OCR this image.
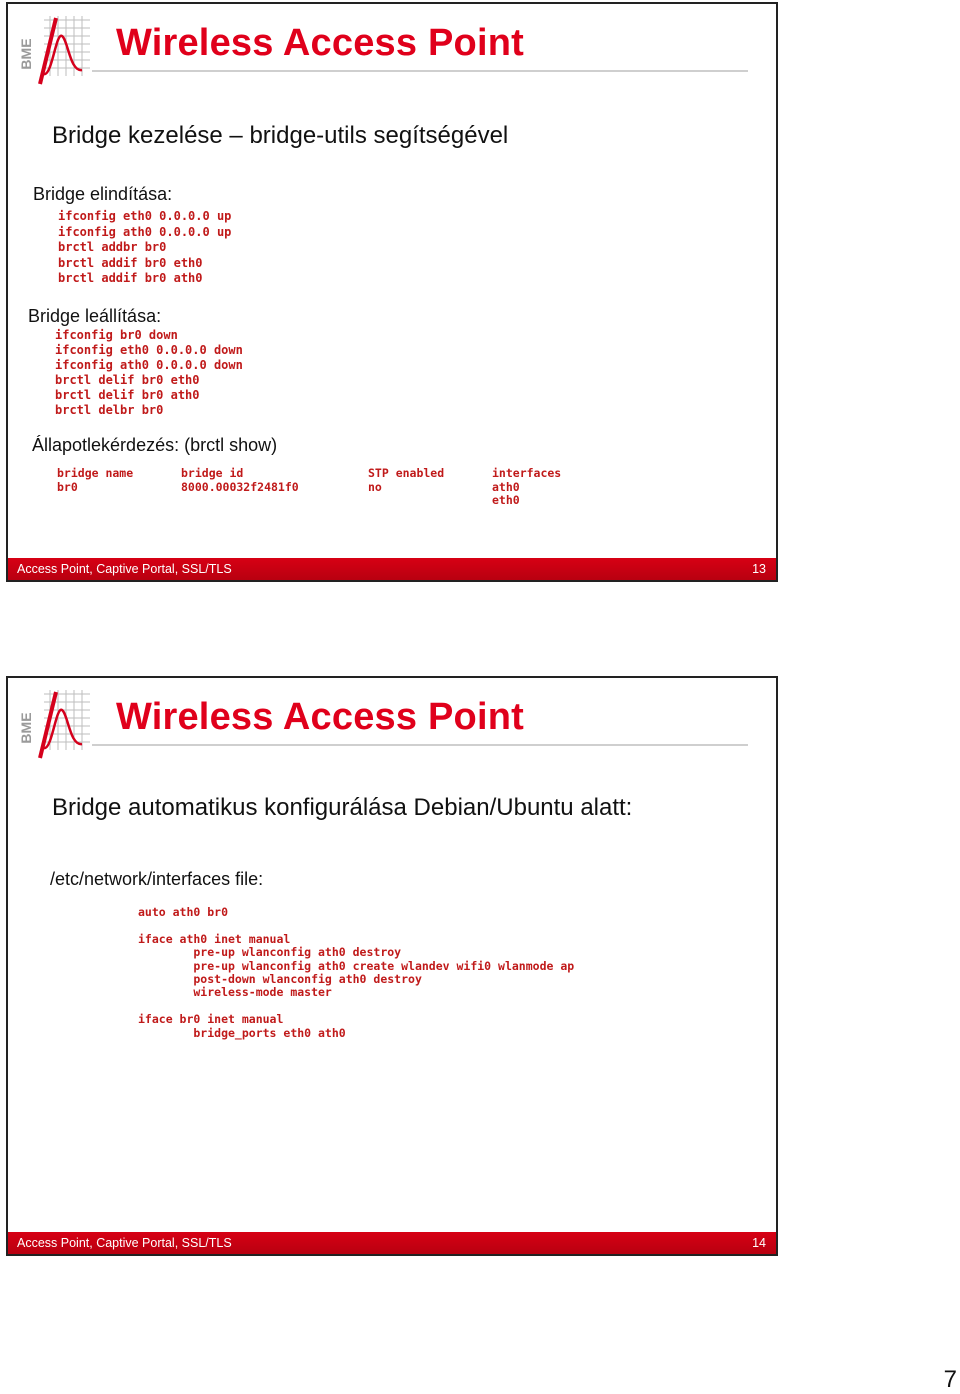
BME Wireless Access Point
Bridge kezelése – bridge-utils segítségével
Bridge elindítása:
ifconfig eth0 0.0.0.0 up
ifconfig ath0 0.0.0.0 up
brctl addbr br0
brctl addif br0 eth0
brctl addif br0 ath0
Bridge leállítása:
ifconfig br0 down
ifconfig eth0 0.0.0.0 down
ifconfig ath0 0.0.0.0 down
brctl delif br0 eth0
brctl delif br0 ath0
brctl delbr br0
Állapotlekérdezés: (brctl show)
bridge name
br0
bridge id
8000.00032f2481f0
STP enabled
no
interfaces
ath0
eth0
Access Point, Captive Portal, SSL/TLS	13
BME Wireless Access Point
Bridge automatikus konfigurálása Debian/Ubuntu alatt:
/etc/network/interfaces file:
auto ath0 br0

iface ath0 inet manual
pre-up wlanconfig ath0 destroy
pre-up wlanconfig ath0 create wlandev wifi0 wlanmode ap
post-down wlanconfig ath0 destroy
wireless-mode master

iface br0 inet manual
bridge_ports eth0 ath0
Access Point, Captive Portal, SSL/TLS	14
7
